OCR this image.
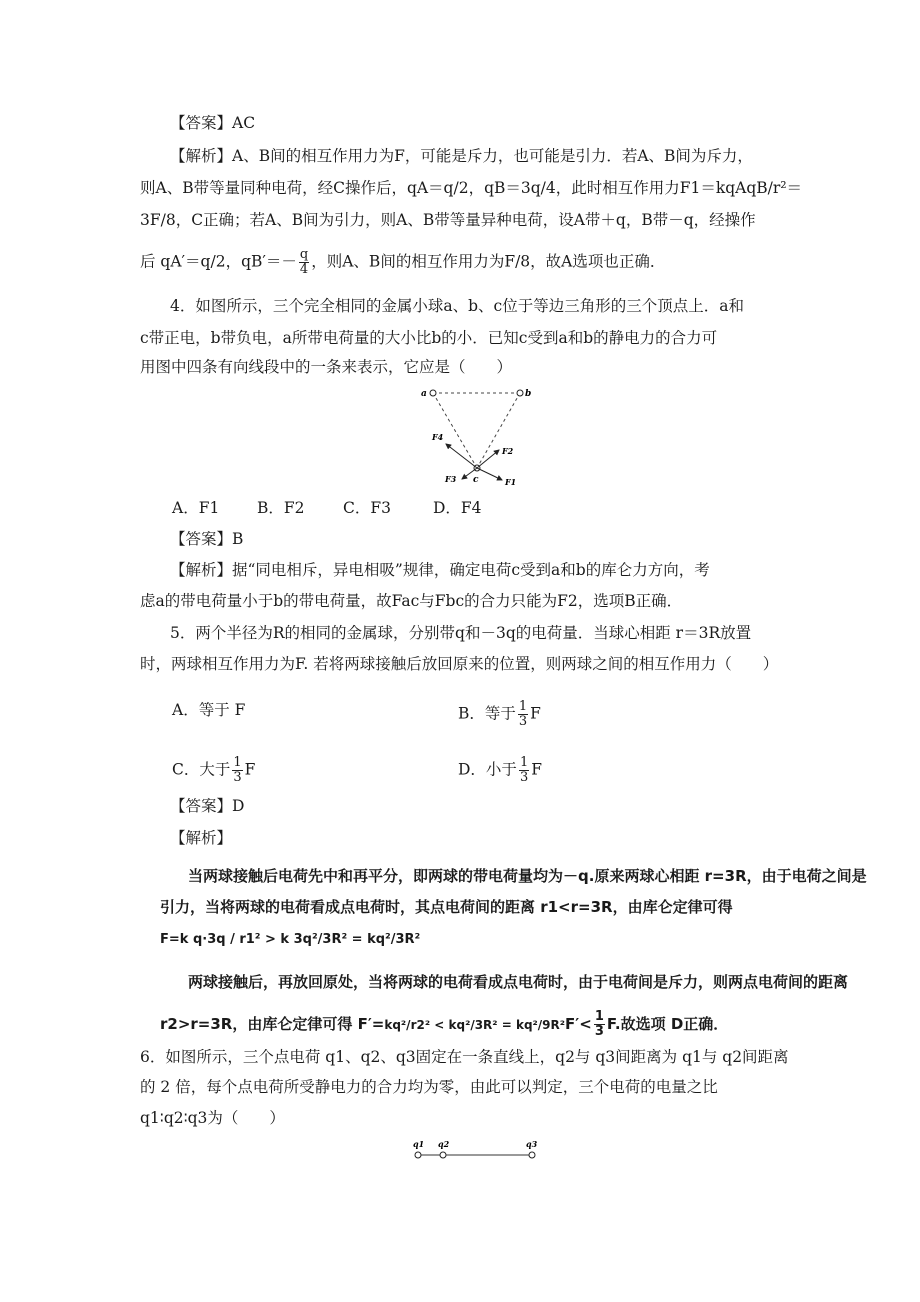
【答案】AC
【解析】A、B间的相互作用力为F，可能是斥力，也可能是引力．若A、B间为斥力，
则A、B带等量同种电荷，经C操作后，qA＝q/2，qB＝3q/4，此时相互作用力F1＝kqAqB/r²＝
3F/8，C正确；若A、B间为引力，则A、B带等量异种电荷，设A带＋q，B带－q，经操作
后 qA′＝q/2，$qB'=- \frac{q}{4}$ ，则A、B间的相互作用力为F/8，故A选项也正确．
4．如图所示，三个完全相同的金属小球a、b、c位于等边三角形的三个顶点上．a和
c带正电，b带负电，a所带电荷量的大小比b的小．已知c受到a和b的静电力的合力可
用图中四条有向线段中的一条来表示，它应是（　　）
a	b
c	F1
F2
F3
F4
A．F1 B．F2 C．F3	D．F4
【答案】B
【解析】据“同电相斥，异电相吸”规律，确定电荷c受到a和b的库仑力方向，考
虑a的带电荷量小于b的带电荷量，故Fac与Fbc的合力只能为F2，选项B正确．
5．两个半径为R的相同的金属球，分别带q和－3q的电荷量．当球心相距 r＝3R放置
时，两球相互作用力为F. 若将两球接触后放回原来的位置，则两球之间的相互作用力（　　）
A．等于 F	B．等于 $\frac{1}{3}$ F
C．大于 $\frac{1}{3}$ F	D．小于 $\frac{1}{3}$ F
【答案】D
【解析】
当两球接触后电荷先中和再平分，即两球的带电荷量均为－q.原来两球心相距 r=3R，由于电荷之间是
引力，当将两球的电荷看成点电荷时，其点电荷间的距离 r1<r=3R，由库仑定律可得
F=k q·3q / r1² > k 3q²/3R² = kq²/3R²
两球接触后，再放回原处，当将两球的电荷看成点电荷时，由于电荷间是斥力，则两点电荷间的距离
r2>r=3R，由库仑定律可得 $F'=kq^2/r2^2 < kq^2/3R^2 = kq^2/9R^2F'< \frac{1}{3} F$.故选项 D正确．
6．如图所示，三个点电荷 q1、q2、q3固定在一条直线上，q2与 q3间距离为 q1与 q2间距离
的 2 倍，每个点电荷所受静电力的合力均为零，由此可以判定，三个电荷的电量之比
q1∶q2∶q3为（　　）
q1 q2	q3
